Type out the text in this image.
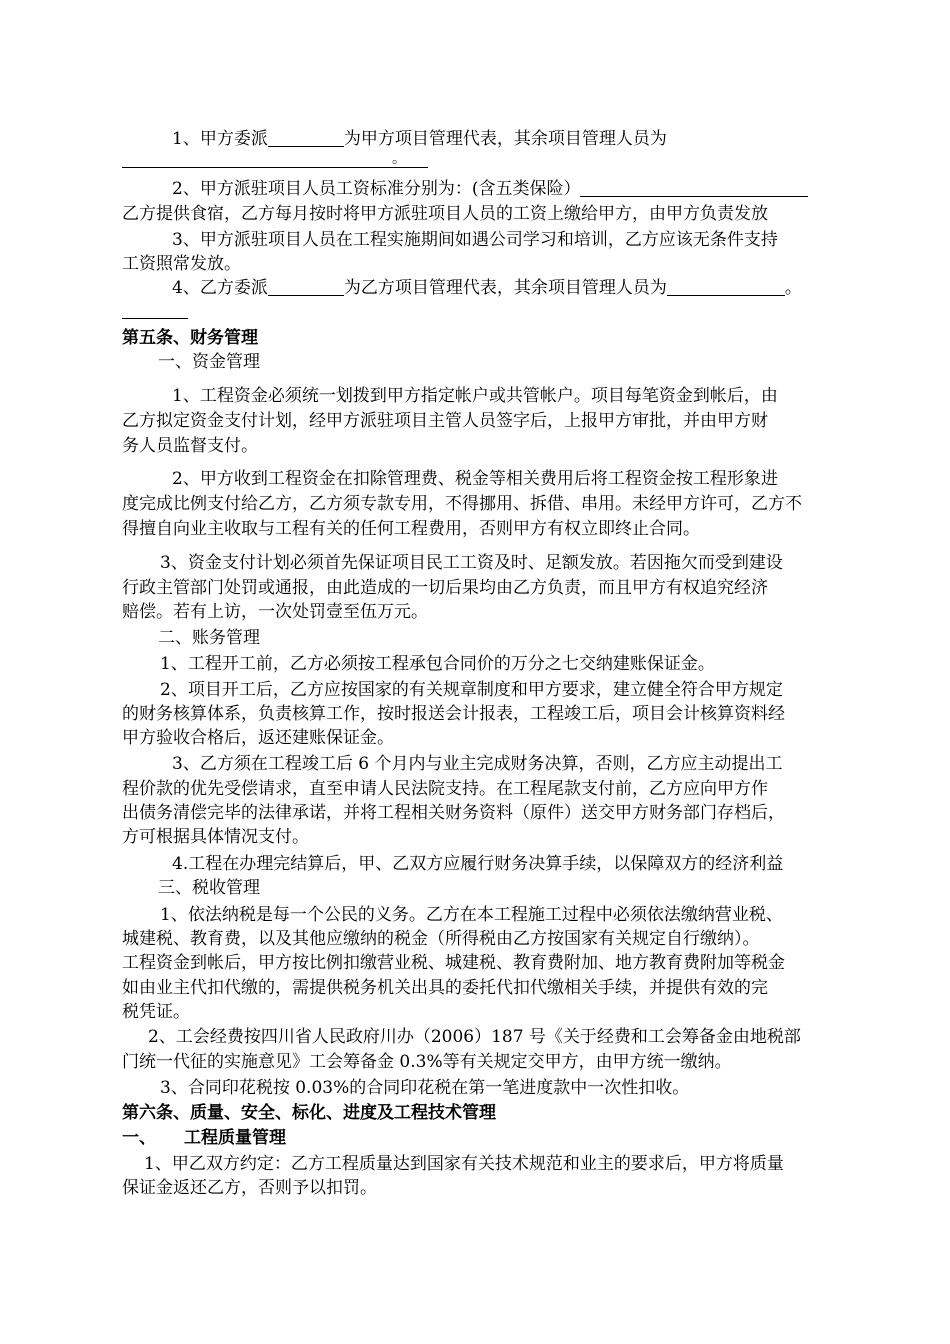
1、甲方委派	为甲方项目管理代表，其余项目管理人员为
。
2、甲方派驻项目人员工资标准分别为：(含五类保险）
乙方提供食宿，乙方每月按时将甲方派驻项目人员的工资上缴给甲方，由甲方负责发放
3、甲方派驻项目人员在工程实施期间如遇公司学习和培训，乙方应该无条件支持
工资照常发放。
4、乙方委派	为乙方项目管理代表，其余项目管理人员为	。
第五条、财务管理
一、资金管理
1、工程资金必须统一划拨到甲方指定帐户或共管帐户。项目每笔资金到帐后，由
乙方拟定资金支付计划，经甲方派驻项目主管人员签字后，上报甲方审批，并由甲方财
务人员监督支付。
2、甲方收到工程资金在扣除管理费、税金等相关费用后将工程资金按工程形象进
度完成比例支付给乙方，乙方须专款专用，不得挪用、拆借、串用。未经甲方许可，乙方不
得擅自向业主收取与工程有关的任何工程费用，否则甲方有权立即终止合同。
3、资金支付计划必须首先保证项目民工工资及时、足额发放。若因拖欠而受到建设
行政主管部门处罚或通报，由此造成的一切后果均由乙方负责，而且甲方有权追究经济
赔偿。若有上访，一次处罚壹至伍万元。
二、账务管理
1、工程开工前，乙方必须按工程承包合同价的万分之七交纳建账保证金。
2、项目开工后，乙方应按国家的有关规章制度和甲方要求，建立健全符合甲方规定
的财务核算体系，负责核算工作，按时报送会计报表，工程竣工后，项目会计核算资料经
甲方验收合格后，返还建账保证金。
3、乙方须在工程竣工后 6 个月内与业主完成财务决算，否则，乙方应主动提出工
程价款的优先受偿请求，直至申请人民法院支持。在工程尾款支付前，乙方应向甲方作
出债务清偿完毕的法律承诺，并将工程相关财务资料（原件）送交甲方财务部门存档后，
方可根据具体情况支付。
4.工程在办理完结算后，甲、乙双方应履行财务决算手续，以保障双方的经济利益
三、税收管理
1、依法纳税是每一个公民的义务。乙方在本工程施工过程中必须依法缴纳营业税、
城建税、教育费，以及其他应缴纳的税金（所得税由乙方按国家有关规定自行缴纳）。
工程资金到帐后，甲方按比例扣缴营业税、城建税、教育费附加、地方教育费附加等税金
如由业主代扣代缴的，需提供税务机关出具的委托代扣代缴相关手续，并提供有效的完
税凭证。
2、工会经费按四川省人民政府川办（2006）187 号《关于经费和工会筹备金由地税部
门统一代征的实施意见》工会筹备金 0.3%等有关规定交甲方，由甲方统一缴纳。
3、合同印花税按 0.03%的合同印花税在第一笔进度款中一次性扣收。
第六条、质量、安全、标化、进度及工程技术管理
一、 工程质量管理
1、甲乙双方约定：乙方工程质量达到国家有关技术规范和业主的要求后，甲方将质量
保证金返还乙方，否则予以扣罚。
